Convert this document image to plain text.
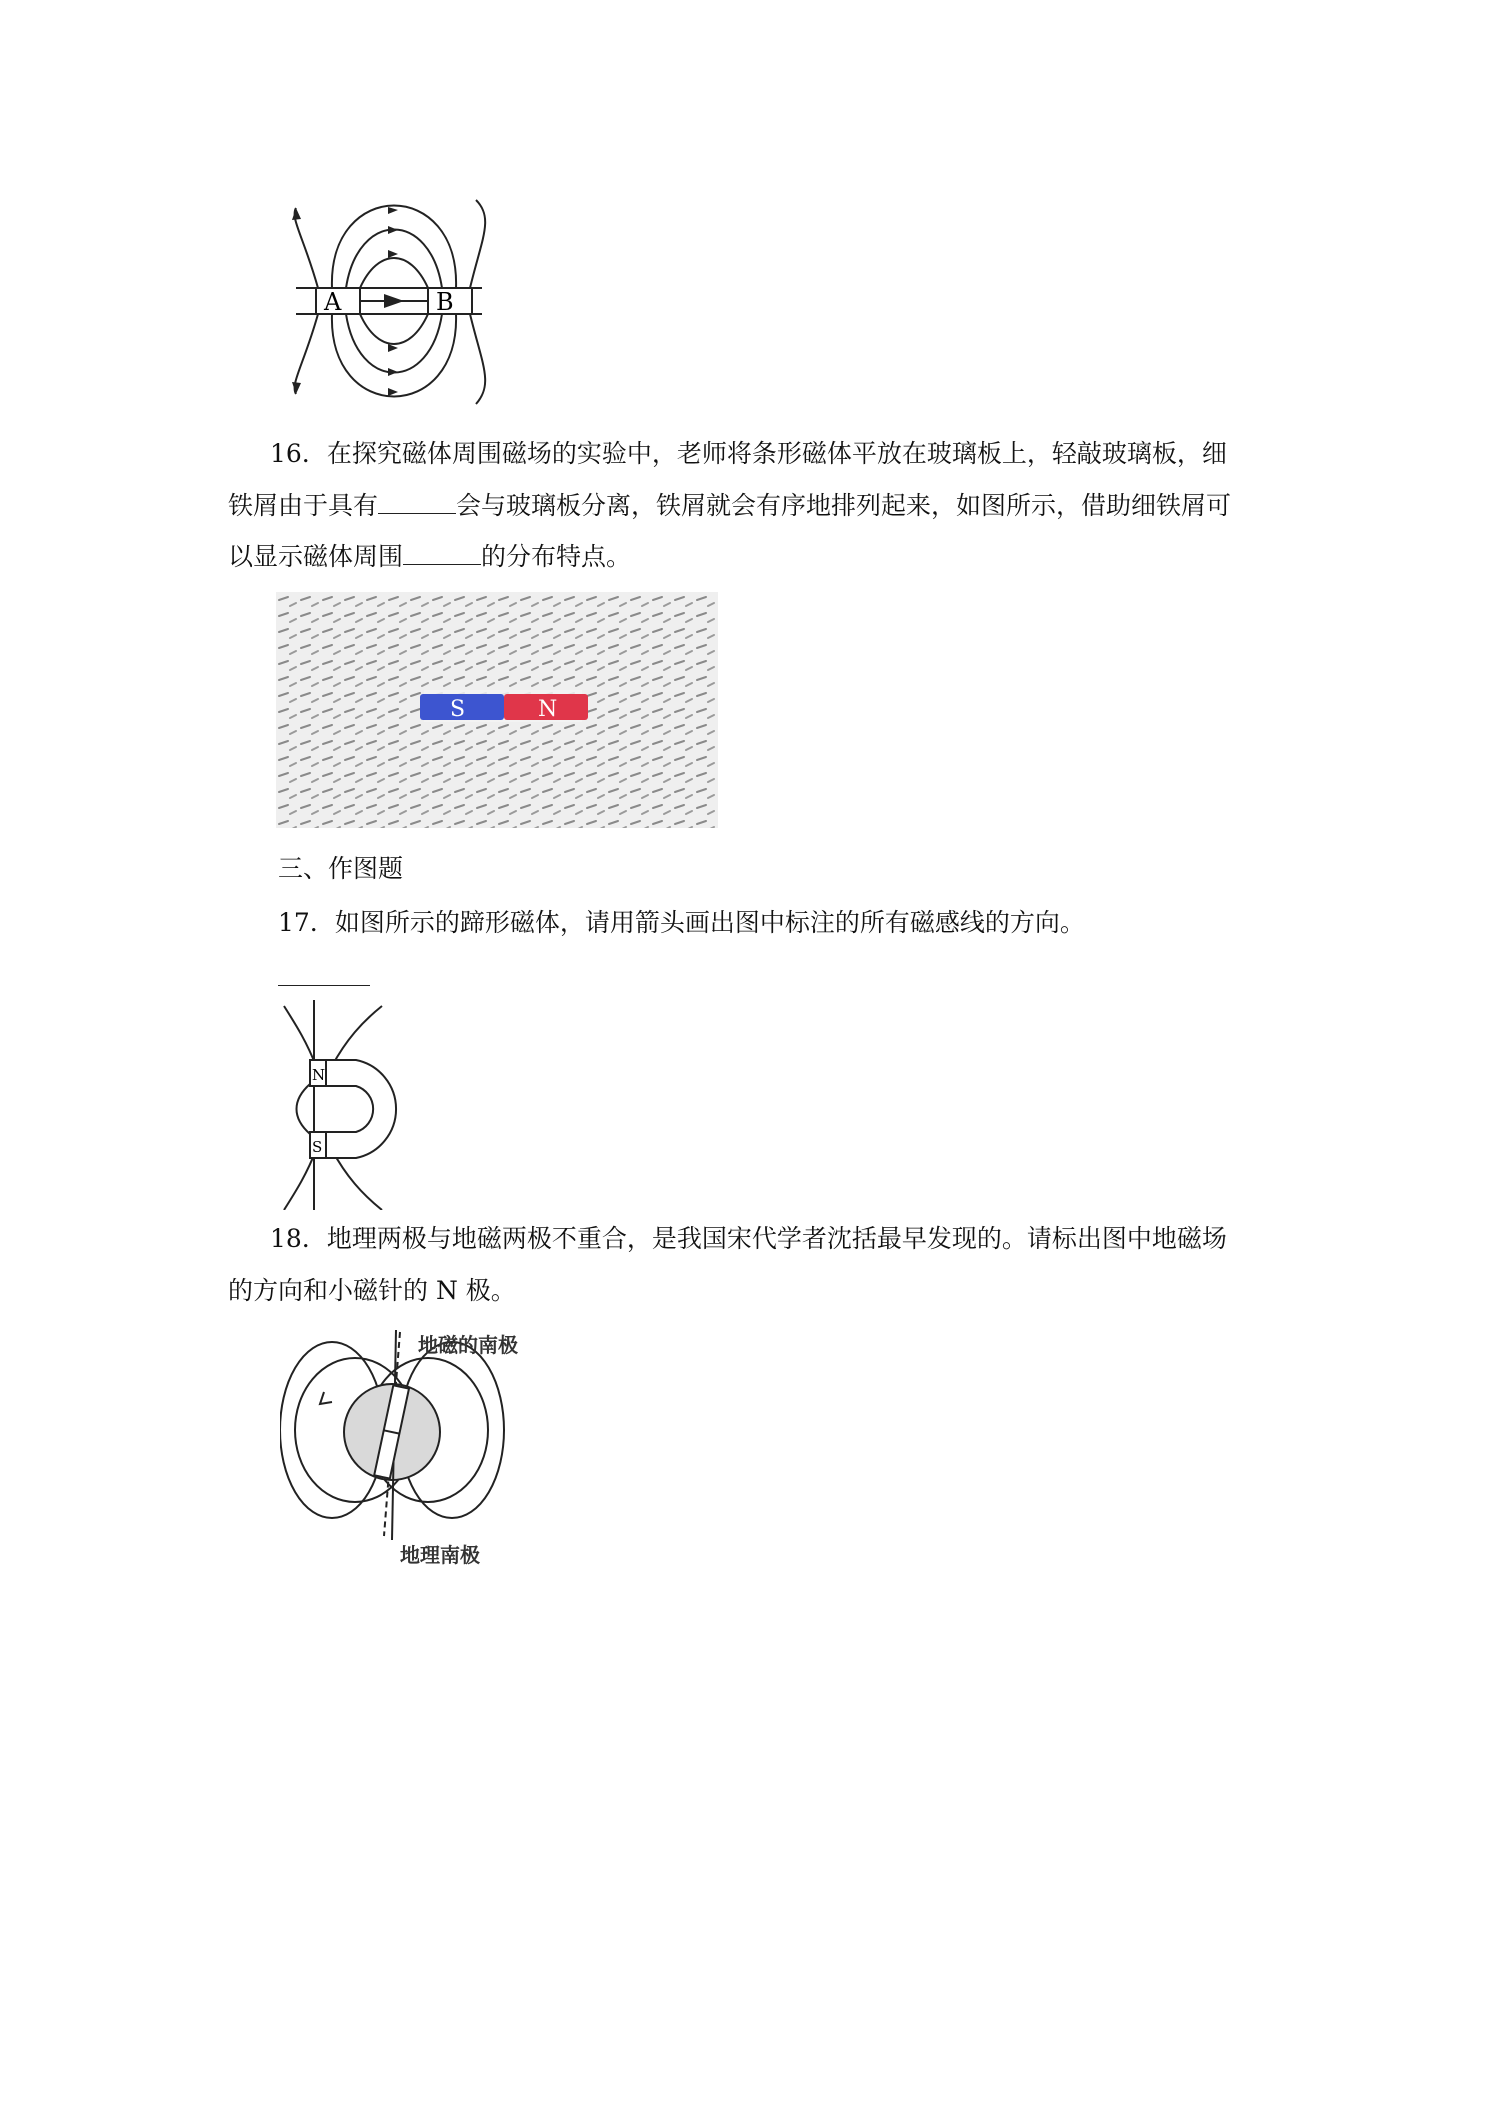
A	B
16．在探究磁体周围磁场的实验中，老师将条形磁体平放在玻璃板上，轻敲玻璃板，细
铁屑由于具有	会与玻璃板分离，铁屑就会有序地排列起来，如图所示，借助细铁屑可
以显示磁体周围	的分布特点。
S	N
三、作图题
17．如图所示的蹄形磁体，请用箭头画出图中标注的所有磁感线的方向。
N
S
18．地理两极与地磁两极不重合，是我国宋代学者沈括最早发现的。请标出图中地磁场
的方向和小磁针的 N 极。
地磁的南极
地理南极
